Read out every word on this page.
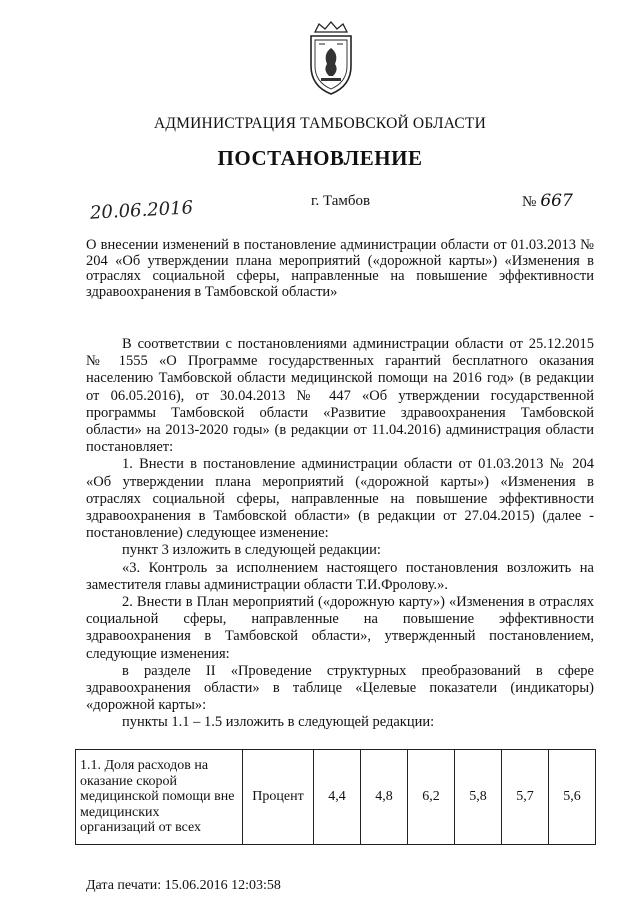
АДМИНИСТРАЦИЯ ТАМБОВСКОЙ ОБЛАСТИ
ПОСТАНОВЛЕНИЕ
20.06.2016	г. Тамбов	№ 667
О внесении изменений в постановление администрации области от 01.03.2013 № 204 «Об утверждении плана мероприятий («дорожной карты») «Изменения в отраслях социальной сферы, направленные на повышение эффективности здравоохранения в Тамбовской области»

В соответствии с постановлениями администрации области от 25.12.2015 № 1555 «О Программе государственных гарантий бесплатного оказания населению Тамбовской области медицинской помощи на 2016 год» (в редакции от 06.05.2016), от 30.04.2013 № 447 «Об утверждении государственной программы Тамбовской области «Развитие здравоохранения Тамбовской области» на 2013-2020 годы» (в редакции от 11.04.2016) администрация области постановляет:

1. Внести в постановление администрации области от 01.03.2013 № 204 «Об утверждении плана мероприятий («дорожной карты») «Изменения в отраслях социальной сферы, направленные на повышение эффективности здравоохранения в Тамбовской области» (в редакции от 27.04.2015) (далее - постановление) следующее изменение:

пункт 3 изложить в следующей редакции:

«3. Контроль за исполнением настоящего постановления возложить на заместителя главы администрации области Т.И.Фролову.».

2. Внести в План мероприятий («дорожную карту») «Изменения в отраслях социальной сферы, направленные на повышение эффективности здравоохранения в Тамбовской области», утвержденный постановлением, следующие изменения:

в разделе II «Проведение структурных преобразований в сфере здравоохранения области» в таблице «Целевые показатели (индикаторы) «дорожной карты»:

пункты 1.1 – 1.5 изложить в следующей редакции:

1.1. Доля расходов на оказание скорой медицинской помощи вне медицинских организаций от всех	Процент	4,4	4,8	6,2	5,8	5,7	5,6
Дата печати: 15.06.2016 12:03:58
